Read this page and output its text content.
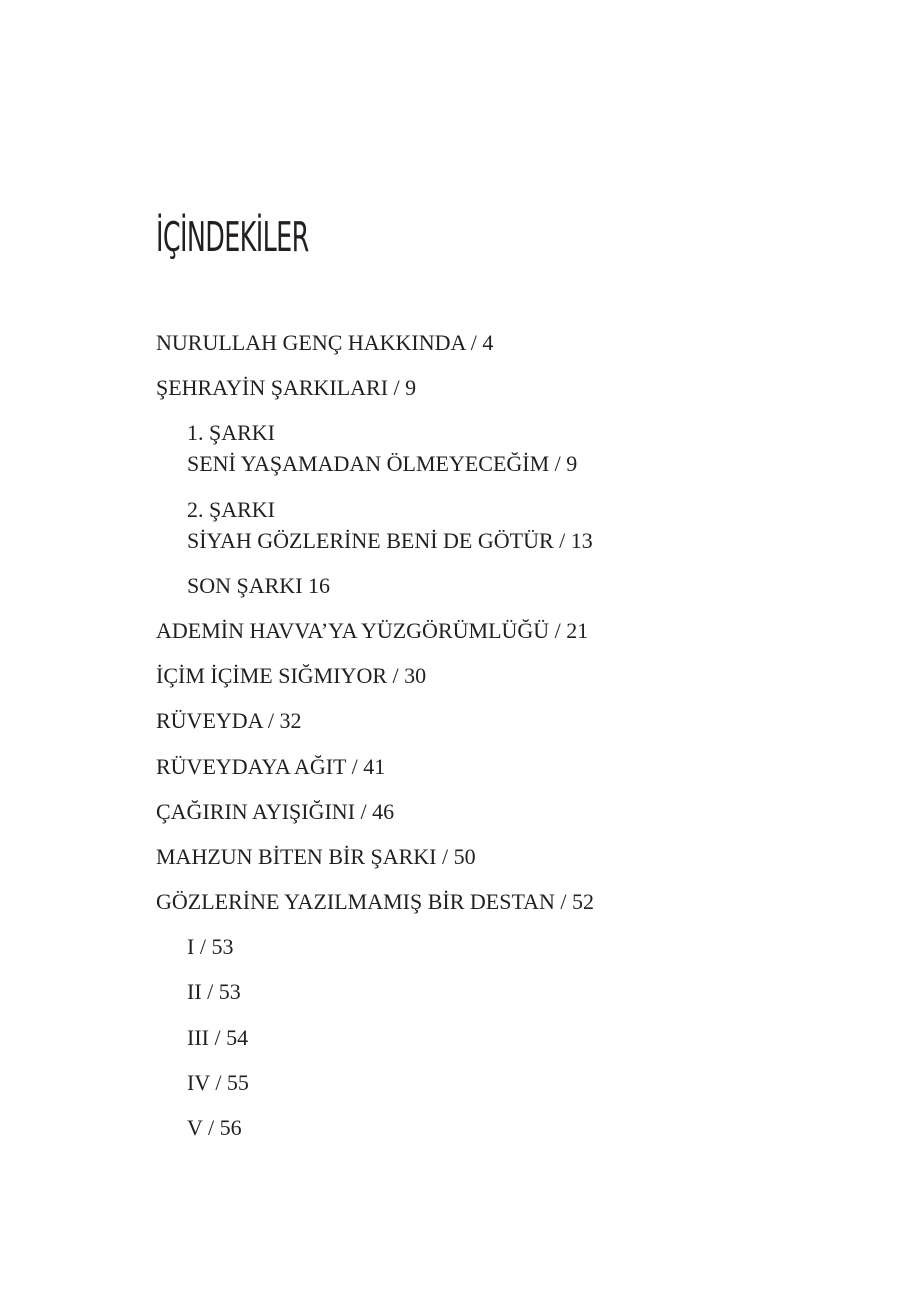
İÇİNDEKİLER
NURULLAH GENÇ HAKKINDA / 4
ŞEHRAYİN ŞARKILARI / 9
1. ŞARKI
SENİ YAŞAMADAN ÖLMEYECEĞİM / 9
2. ŞARKI
SİYAH GÖZLERİNE BENİ DE GÖTÜR / 13
SON ŞARKI 16
ADEMİN HAVVA’YA YÜZGÖRÜMLÜĞÜ / 21
İÇİM İÇİME SIĞMIYOR / 30
RÜVEYDA / 32
RÜVEYDAYA AĞIT / 41
ÇAĞIRIN AYIŞIĞINI / 46
MAHZUN BİTEN BİR ŞARKI / 50
GÖZLERİNE YAZILMAMIŞ BİR DESTAN / 52
I / 53
II / 53
III / 54
IV / 55
V / 56
